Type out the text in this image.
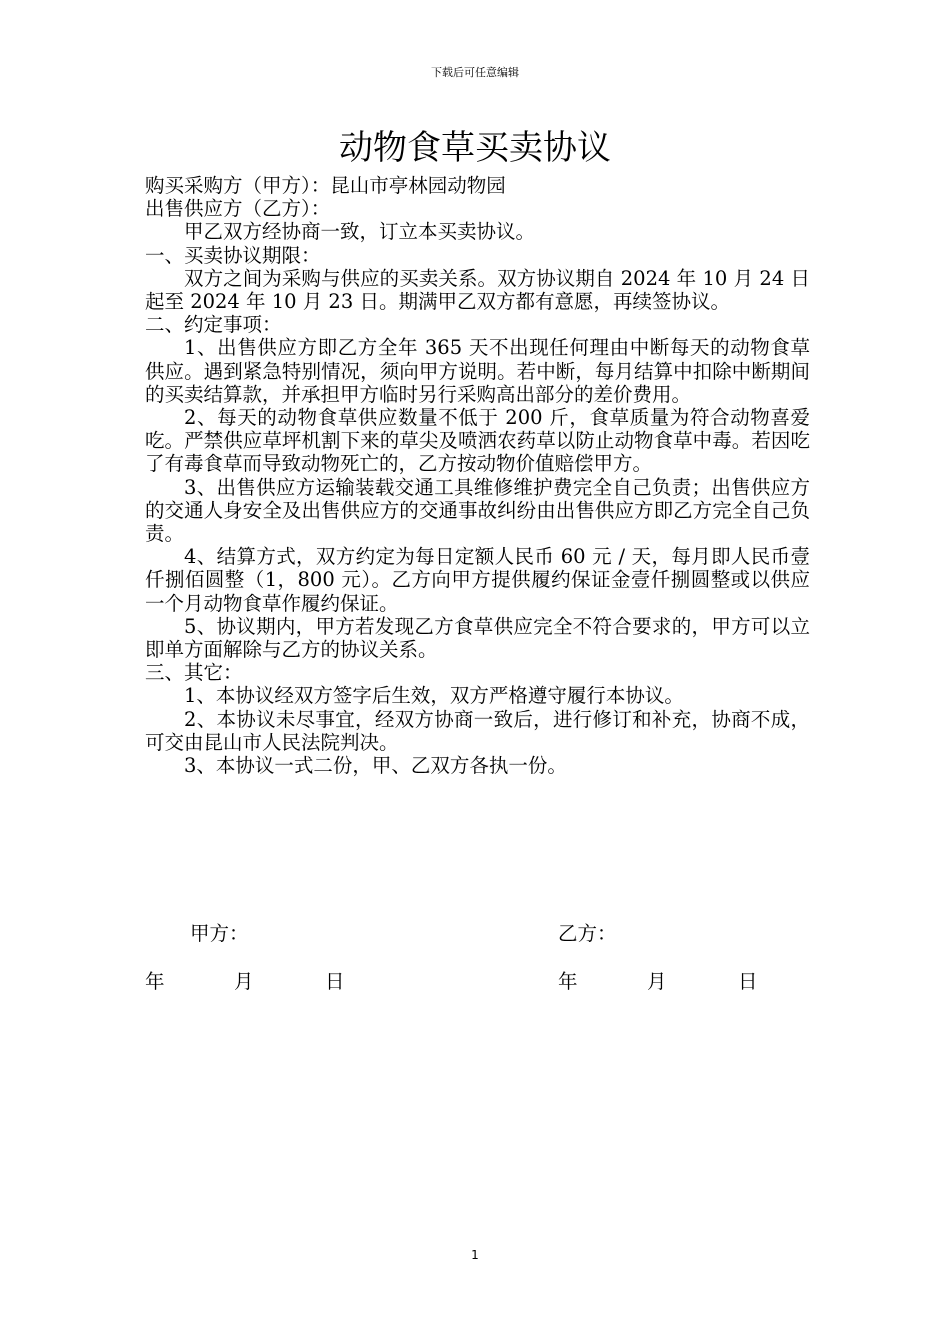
下载后可任意编辑
动物食草买卖协议

购买采购方（甲方）：昆山市亭林园动物园

出售供应方（乙方）：

甲乙双方经协商一致，订立本买卖协议。

一、买卖协议期限：

双方之间为采购与供应的买卖关系。双方协议期自 2024 年 10 月 24 日起至 2024 年 10 月 23 日。期满甲乙双方都有意愿，再续签协议。

二、约定事项：

1、出售供应方即乙方全年 365 天不出现任何理由中断每天的动物食草供应。遇到紧急特别情况，须向甲方说明。若中断，每月结算中扣除中断期间的买卖结算款，并承担甲方临时另行采购高出部分的差价费用。

2、每天的动物食草供应数量不低于 200 斤，食草质量为符合动物喜爱吃。严禁供应草坪机割下来的草尖及喷洒农药草以防止动物食草中毒。若因吃了有毒食草而导致动物死亡的，乙方按动物价值赔偿甲方。

3、出售供应方运输装载交通工具维修维护费完全自己负责；出售供应方的交通人身安全及出售供应方的交通事故纠纷由出售供应方即乙方完全自己负责。

4、结算方式，双方约定为每日定额人民币 60 元 / 天，每月即人民币壹仟捌佰圆整（1，800 元）。乙方向甲方提供履约保证金壹仟捌圆整或以供应一个月动物食草作履约保证。

5、协议期内，甲方若发现乙方食草供应完全不符合要求的，甲方可以立即单方面解除与乙方的协议关系。

三、其它：

1、本协议经双方签字后生效，双方严格遵守履行本协议。

2、本协议未尽事宜，经双方协商一致后，进行修订和补充，协商不成，可交由昆山市人民法院判决。

3、本协议一式二份，甲、乙双方各执一份。

甲方：	乙方：
年	月	日	年	月	日
1
